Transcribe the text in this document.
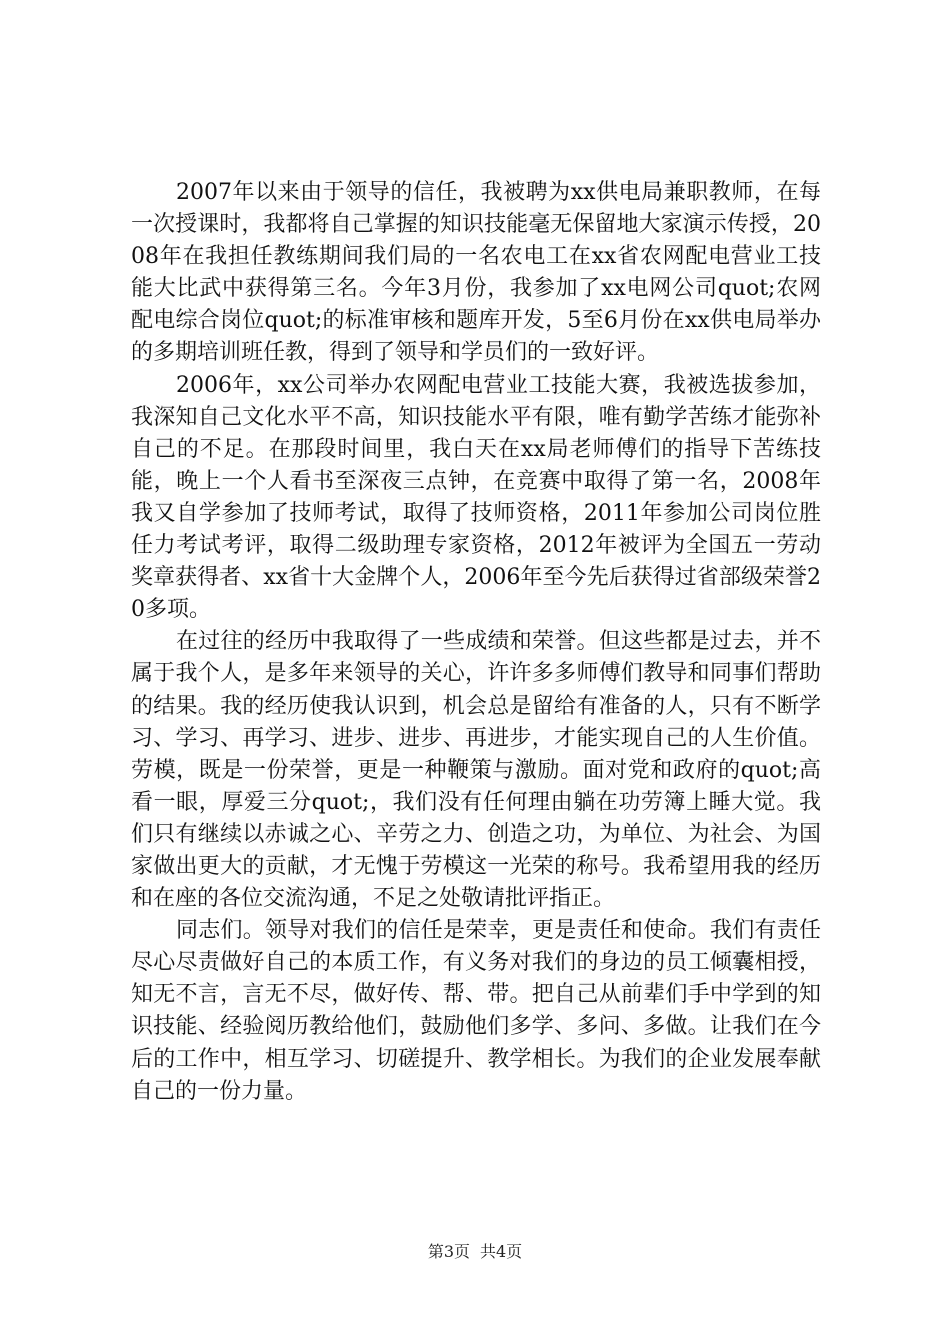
2007年以来由于领导的信任，我被聘为xx供电局兼职教师，在每一次授课时，我都将自己掌握的知识技能毫无保留地大家演示传授，2008年在我担任教练期间我们局的一名农电工在xx省农网配电营业工技能大比武中获得第三名。今年3月份，我参加了xx电网公司quot;农网配电综合岗位quot;的标准审核和题库开发，5至6月份在xx供电局举办的多期培训班任教，得到了领导和学员们的一致好评。

2006年，xx公司举办农网配电营业工技能大赛，我被选拔参加，我深知自己文化水平不高，知识技能水平有限，唯有勤学苦练才能弥补自己的不足。在那段时间里，我白天在xx局老师傅们的指导下苦练技能，晚上一个人看书至深夜三点钟，在竞赛中取得了第一名，2008年我又自学参加了技师考试，取得了技师资格，2011年参加公司岗位胜任力考试考评，取得二级助理专家资格，2012年被评为全国五一劳动奖章获得者、xx省十大金牌个人，2006年至今先后获得过省部级荣誉20多项。

在过往的经历中我取得了一些成绩和荣誉。但这些都是过去，并不属于我个人，是多年来领导的关心，许许多多师傅们教导和同事们帮助的结果。我的经历使我认识到，机会总是留给有准备的人，只有不断学习、学习、再学习、进步、进步、再进步，才能实现自己的人生价值。劳模，既是一份荣誉，更是一种鞭策与激励。面对党和政府的quot;高看一眼，厚爱三分quot;，我们没有任何理由躺在功劳簿上睡大觉。我们只有继续以赤诚之心、辛劳之力、创造之功，为单位、为社会、为国家做出更大的贡献，才无愧于劳模这一光荣的称号。我希望用我的经历和在座的各位交流沟通，不足之处敬请批评指正。

同志们。领导对我们的信任是荣幸，更是责任和使命。我们有责任尽心尽责做好自己的本质工作，有义务对我们的身边的员工倾囊相授，知无不言，言无不尽，做好传、帮、带。把自己从前辈们手中学到的知识技能、经验阅历教给他们，鼓励他们多学、多问、多做。让我们在今后的工作中，相互学习、切磋提升、教学相长。为我们的企业发展奉献自己的一份力量。

第3页 共4页
